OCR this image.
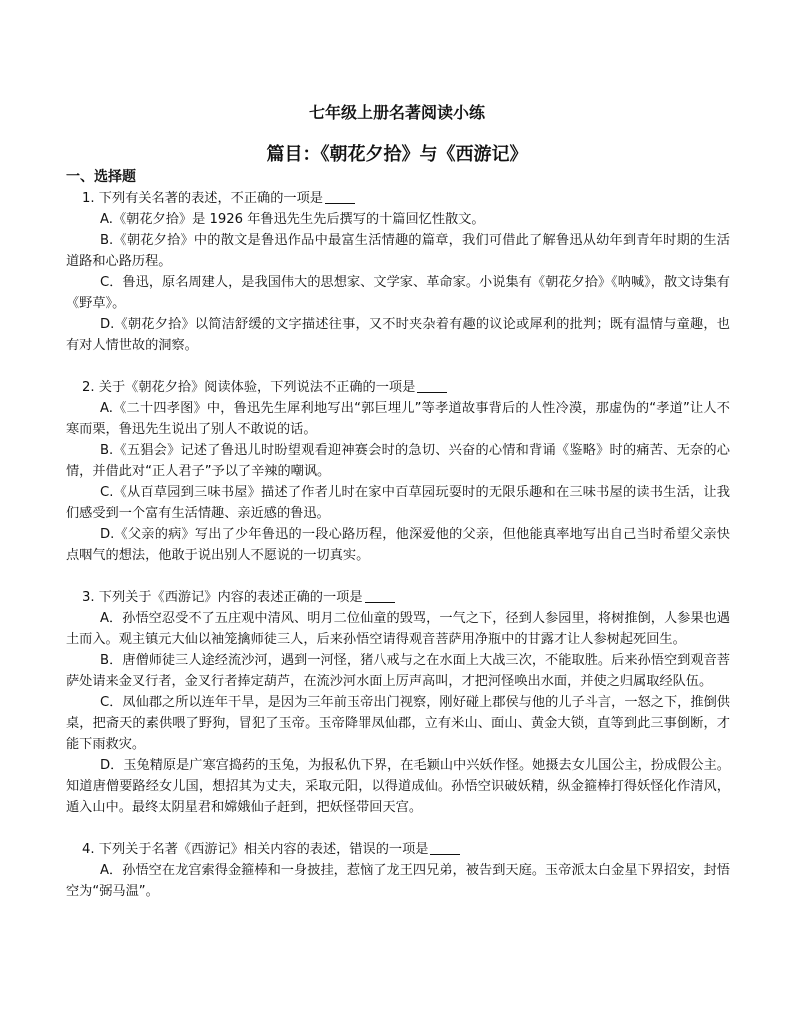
七年级上册名著阅读小练
篇目：《朝花夕拾》与《西游记》
一、选择题

1. 下列有关名著的表述，不正确的一项是

A.《朝花夕拾》是 1926 年鲁迅先生先后撰写的十篇回忆性散文。

B.《朝花夕拾》中的散文是鲁迅作品中最富生活情趣的篇章，我们可借此了解鲁迅从幼年到青年时期的生活道路和心路历程。

C．鲁迅，原名周建人，是我国伟大的思想家、文学家、革命家。小说集有《朝花夕拾》《呐喊》，散文诗集有《野草》。

D.《朝花夕拾》以简洁舒缓的文字描述往事，又不时夹杂着有趣的议论或犀利的批判；既有温情与童趣，也有对人情世故的洞察。

2. 关于《朝花夕拾》阅读体验，下列说法不正确的一项是

A.《二十四孝图》中，鲁迅先生犀利地写出“郭巨埋儿”等孝道故事背后的人性冷漠，那虚伪的“孝道”让人不寒而栗，鲁迅先生说出了别人不敢说的话。

B.《五猖会》记述了鲁迅儿时盼望观看迎神赛会时的急切、兴奋的心情和背诵《鉴略》时的痛苦、无奈的心情，并借此对“正人君子”予以了辛辣的嘲讽。

C.《从百草园到三味书屋》描述了作者儿时在家中百草园玩耍时的无限乐趣和在三味书屋的读书生活，让我们感受到一个富有生活情趣、亲近感的鲁迅。

D.《父亲的病》写出了少年鲁迅的一段心路历程，他深爱他的父亲，但他能真率地写出自己当时希望父亲快点咽气的想法，他敢于说出别人不愿说的一切真实。

3. 下列关于《西游记》内容的表述正确的一项是

A．孙悟空忍受不了五庄观中清风、明月二位仙童的毁骂，一气之下，径到人参园里，将树推倒，人参果也遇土而入。观主镇元大仙以袖笼擒师徒三人，后来孙悟空请得观音菩萨用净瓶中的甘露才让人参树起死回生。

B．唐僧师徒三人途经流沙河，遇到一河怪，猪八戒与之在水面上大战三次，不能取胜。后来孙悟空到观音菩萨处请来金叉行者，金叉行者捧定葫芦，在流沙河水面上厉声高叫，才把河怪唤出水面，并使之归属取经队伍。

C．凤仙郡之所以连年干旱，是因为三年前玉帝出门视察，刚好碰上郡侯与他的儿子斗言，一怒之下，推倒供桌，把斋天的素供喂了野狗，冒犯了玉帝。玉帝降罪凤仙郡，立有米山、面山、黄金大锁，直等到此三事倒断，才能下雨救灾。

D．玉兔精原是广寒宫捣药的玉兔，为报私仇下界，在毛颖山中兴妖作怪。她摄去女儿国公主，扮成假公主。知道唐僧要路经女儿国，想招其为丈夫，采取元阳，以得道成仙。孙悟空识破妖精，纵金箍棒打得妖怪化作清风，遁入山中。最终太阴星君和嫦娥仙子赶到，把妖怪带回天宫。

4. 下列关于名著《西游记》相关内容的表述，错误的一项是

A．孙悟空在龙宫索得金箍棒和一身披挂，惹恼了龙王四兄弟，被告到天庭。玉帝派太白金星下界招安，封悟空为“弼马温”。
